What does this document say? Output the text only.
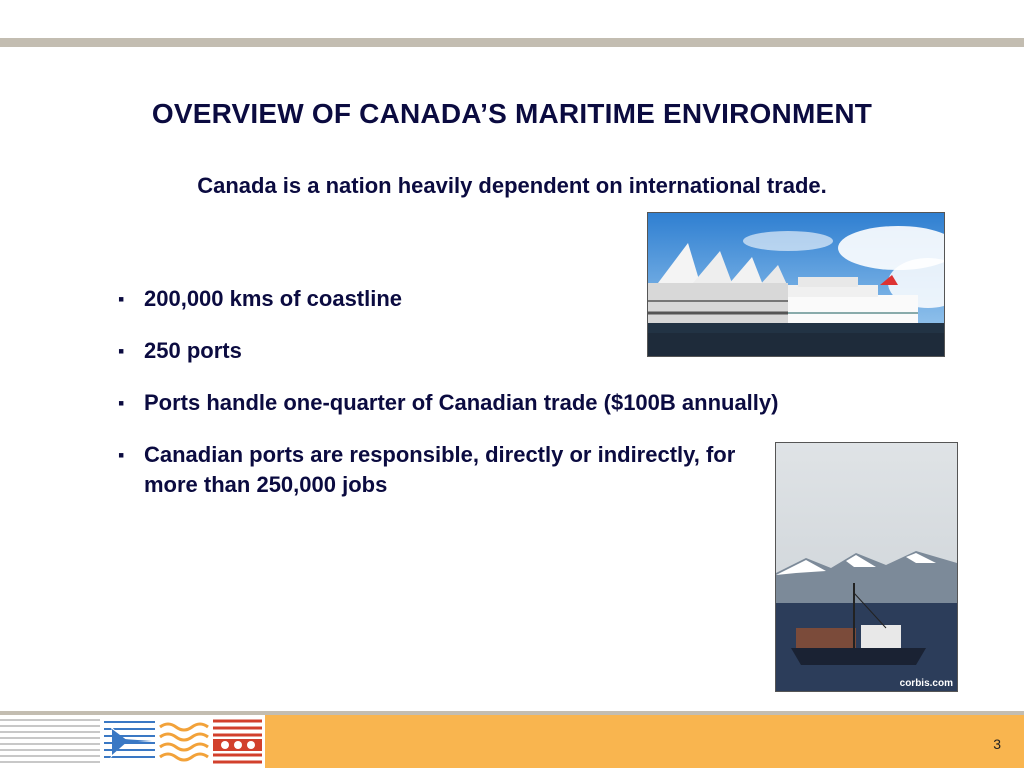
OVERVIEW OF CANADA’S MARITIME ENVIRONMENT
Canada is a nation heavily dependent on international trade.
▪ 200,000 kms of coastline
▪ 250 ports
▪ Ports handle one-quarter of Canadian trade ($100B annually)
▪ Canadian ports are responsible, directly or indirectly, for more than 250,000 jobs
corbis.com
3
